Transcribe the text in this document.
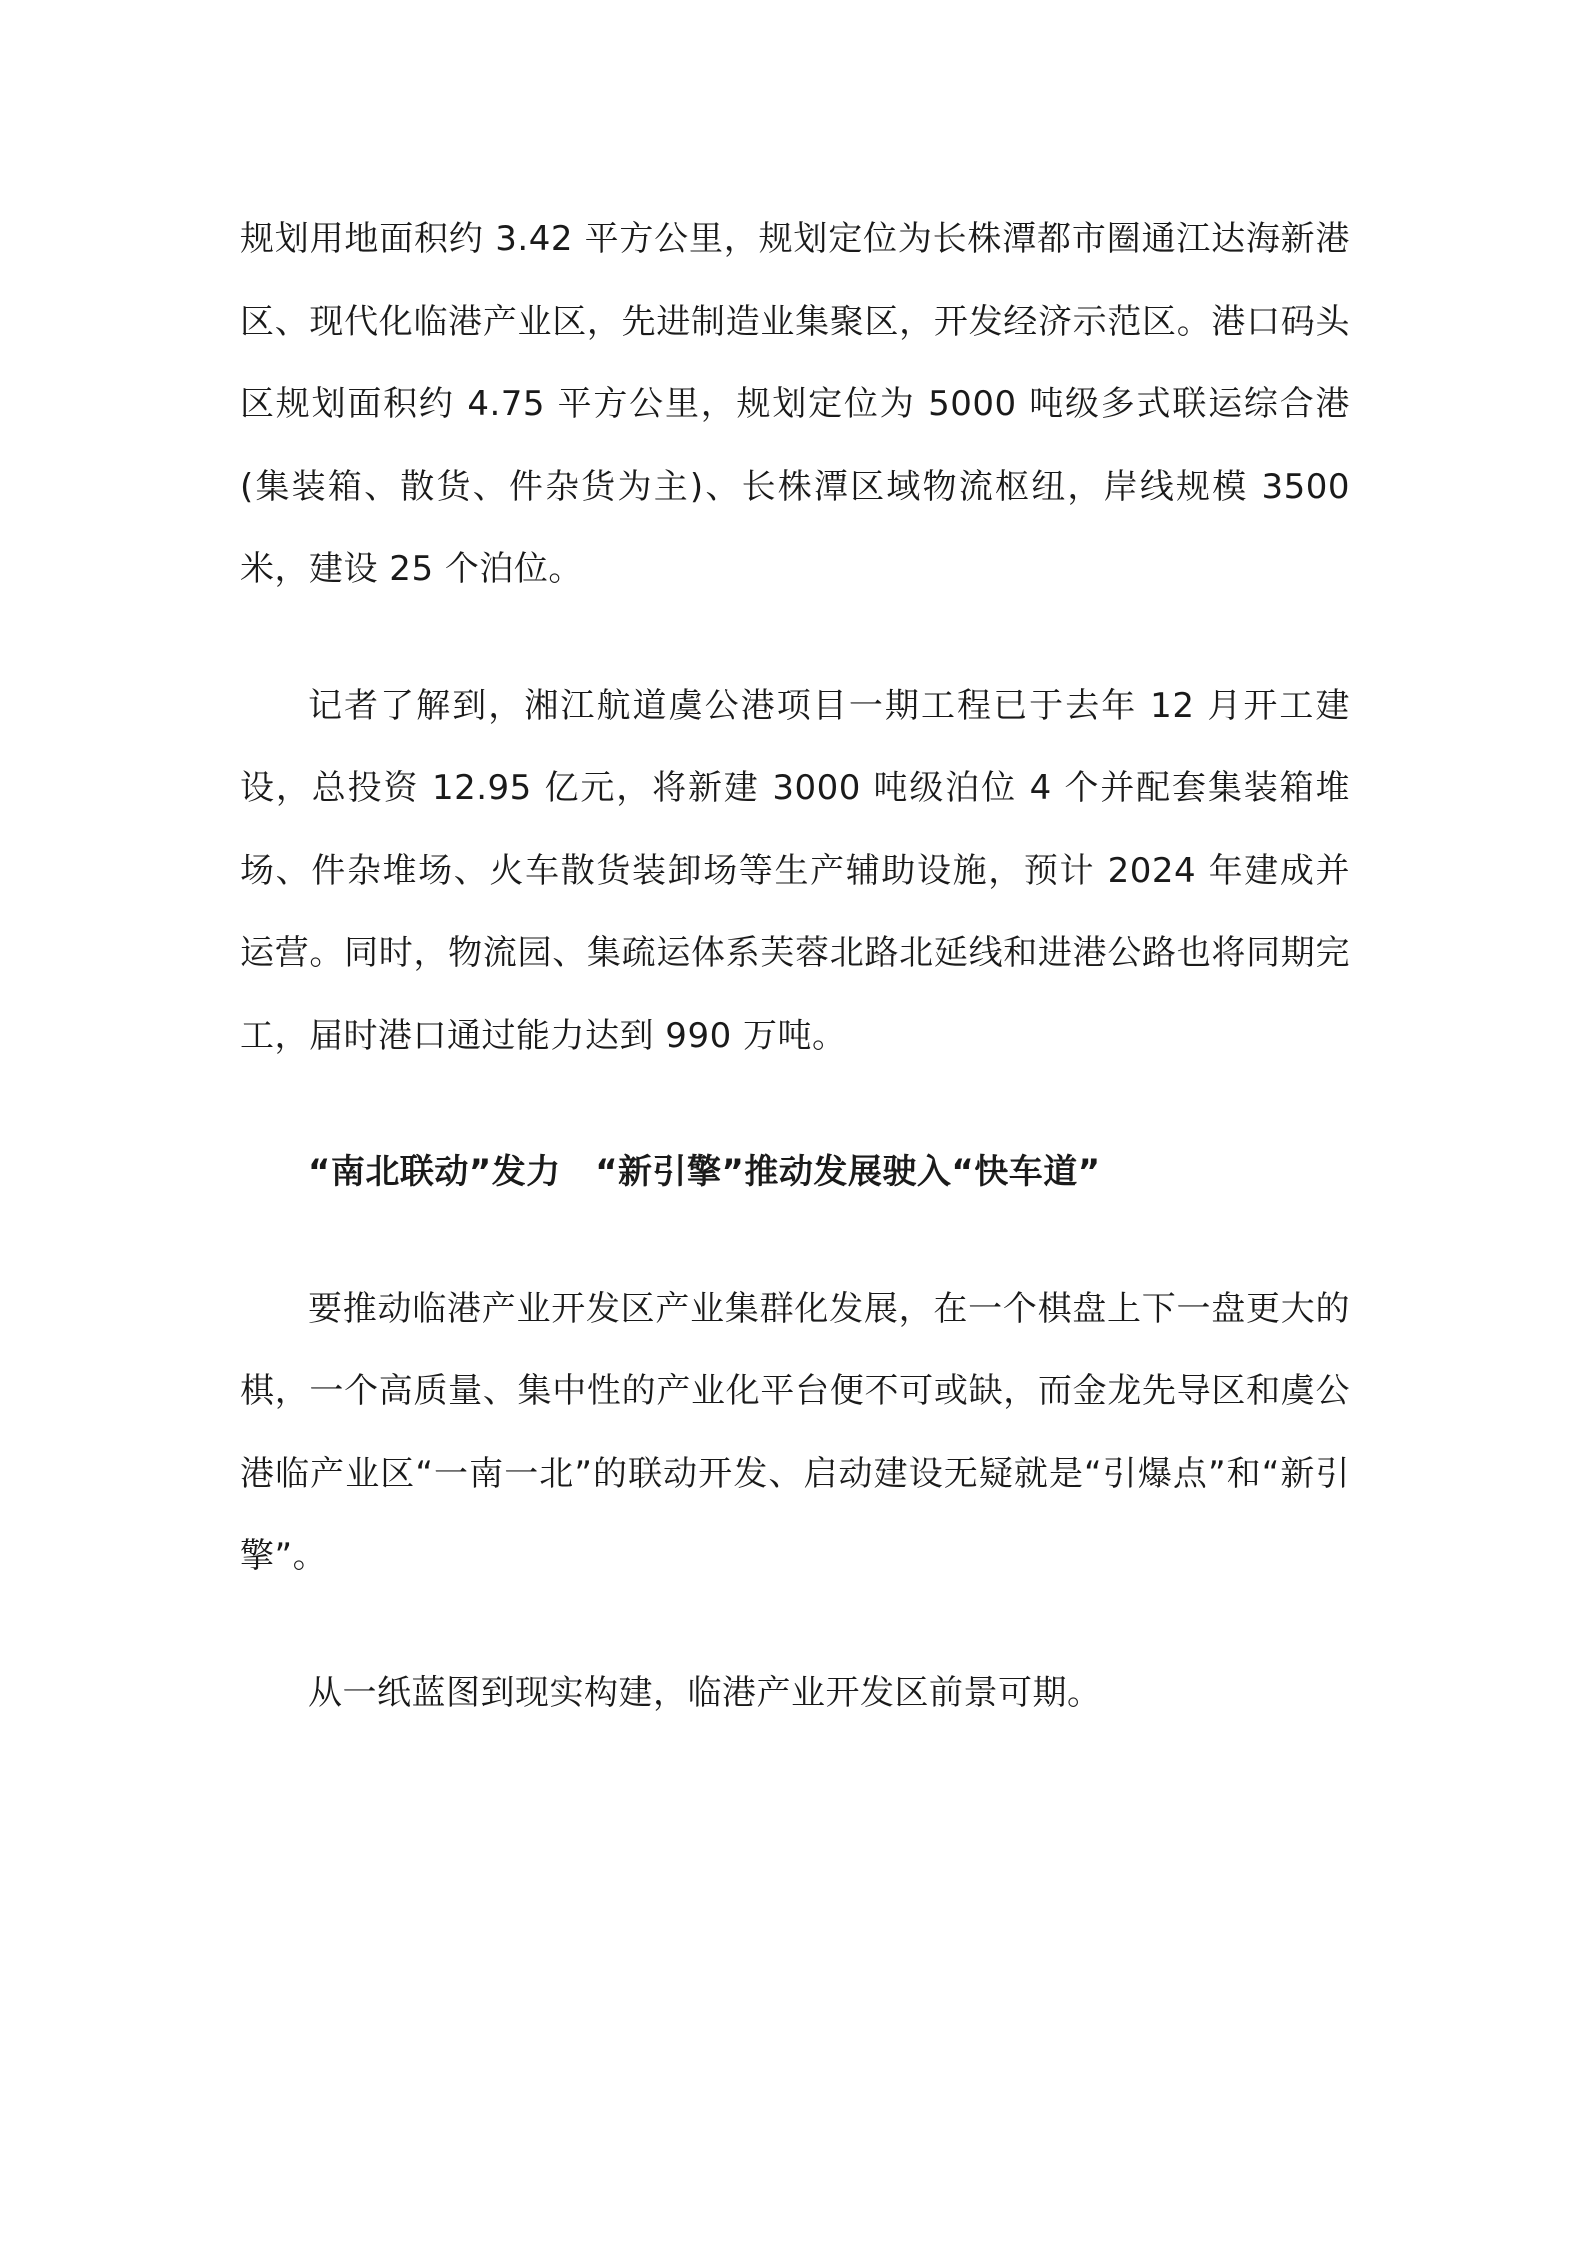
规划用地面积约 3.42 平方公里，规划定位为长株潭都市圈通江达海新港区、现代化临港产业区，先进制造业集聚区，开发经济示范区。港口码头区规划面积约 4.75 平方公里，规划定位为 5000 吨级多式联运综合港(集装箱、散货、件杂货为主)、长株潭区域物流枢纽，岸线规模 3500 米，建设 25 个泊位。

记者了解到，湘江航道虞公港项目一期工程已于去年 12 月开工建设，总投资 12.95 亿元，将新建 3000 吨级泊位 4 个并配套集装箱堆场、件杂堆场、火车散货装卸场等生产辅助设施，预计 2024 年建成并运营。同时，物流园、集疏运体系芙蓉北路北延线和进港公路也将同期完工，届时港口通过能力达到 990 万吨。

“南北联动”发力　“新引擎”推动发展驶入“快车道”

要推动临港产业开发区产业集群化发展，在一个棋盘上下一盘更大的棋，一个高质量、集中性的产业化平台便不可或缺，而金龙先导区和虞公港临产业区“一南一北”的联动开发、启动建设无疑就是“引爆点”和“新引擎”。

从一纸蓝图到现实构建，临港产业开发区前景可期。
